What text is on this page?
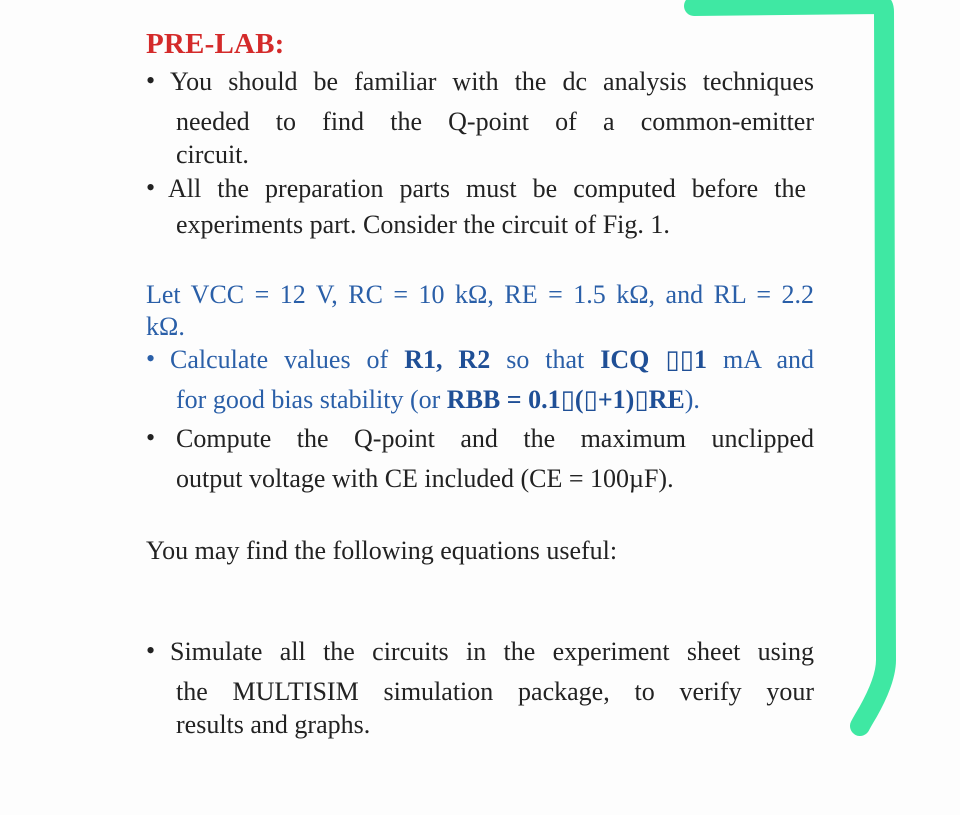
PRE-LAB:
• You should be familiar with the dc analysis techniques
needed to find the Q-point of a common-emitter
circuit.
• All the preparation parts must be computed before the
experiments part. Consider the circuit of Fig. 1.
Let VCC = 12 V, RC = 10 kΩ, RE = 1.5 kΩ, and RL = 2.2
kΩ.
• Calculate values of R1, R2 so that ICQ ▯▯1 mA and
for good bias stability (or RBB = 0.1▯(▯+1)▯RE).
• Compute the Q-point and the maximum unclipped
output voltage with CE included (CE = 100µF).
You may find the following equations useful:
• Simulate all the circuits in the experiment sheet using
the MULTISIM simulation package, to verify your
results and graphs.
